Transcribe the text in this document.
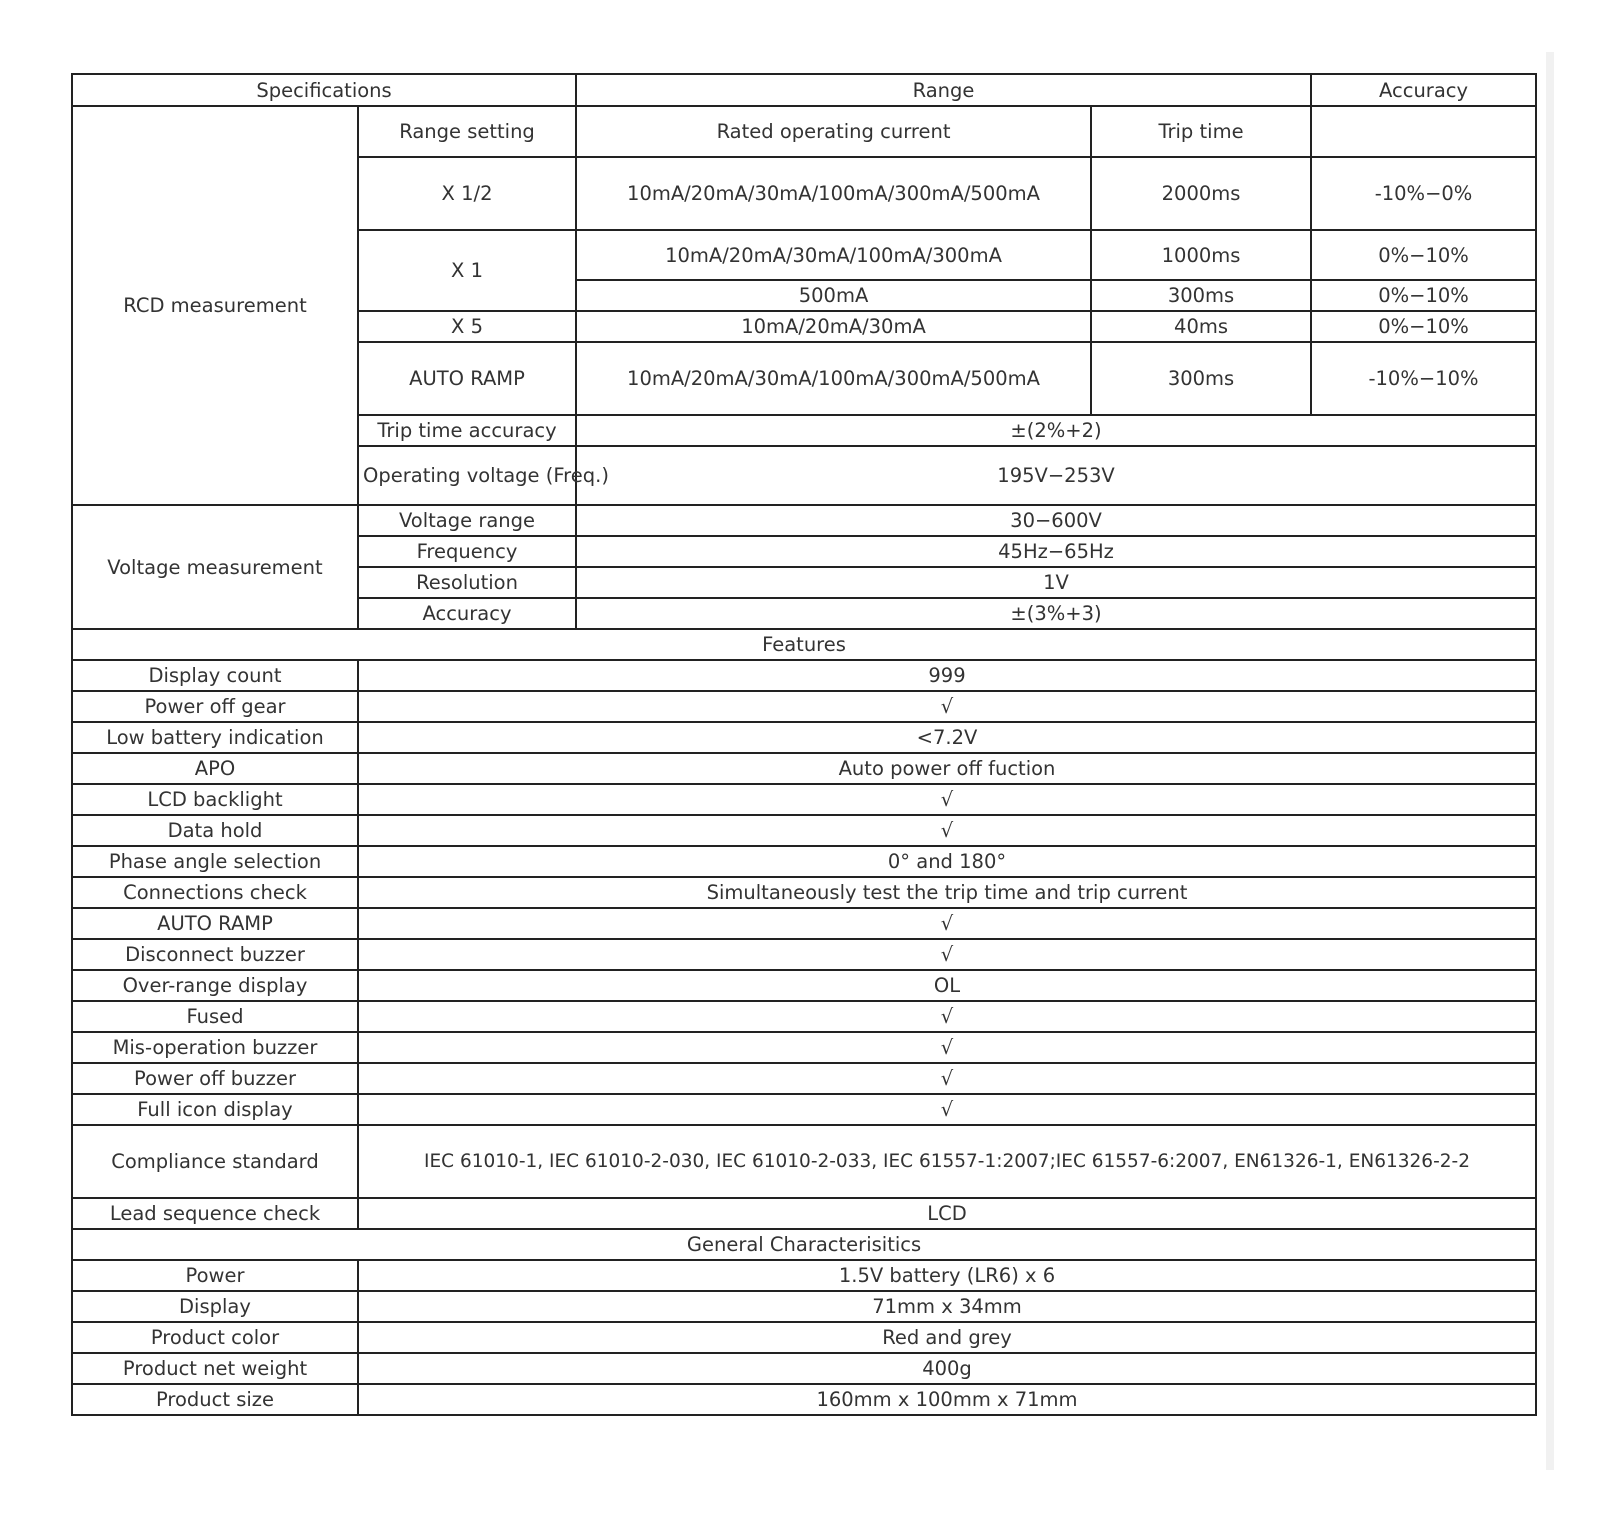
Specifications		Range		Accuracy
RCD measurement	Range setting	Rated operating current	Trip time	
	X 1/2	10mA/20mA/30mA/100mA/300mA/500mA	2000ms	-10%−0%
	X 1	10mA/20mA/30mA/100mA/300mA	1000ms	0%−10%
		500mA	300ms	0%−10%
	X 5	10mA/20mA/30mA	40ms	0%−10%
	AUTO RAMP	10mA/20mA/30mA/100mA/300mA/500mA	300ms	-10%−10%
	Trip time accuracy	±(2%+2)		
	Operating voltage (Freq.)	195V−253V		
Voltage measurement	Voltage range	30−600V		
	Frequency	45Hz−65Hz		
	Resolution	1V		
	Accuracy	±(3%+3)		
Features				
Display count	999			
Power off gear	√			
Low battery indication	<7.2V			
APO	Auto power off fuction			
LCD backlight	√			
Data hold	√			
Phase angle selection	0° and 180°			
Connections check	Simultaneously test the trip time and trip current			
AUTO RAMP	√			
Disconnect buzzer	√			
Over-range display	OL			
Fused	√			
Mis-operation buzzer	√			
Power off buzzer	√			
Full icon display	√			
Compliance standard	IEC 61010-1, IEC 61010-2-030, IEC 61010-2-033, IEC 61557-1:2007;IEC 61557-6:2007, EN61326-1, EN61326-2-2			
Lead sequence check	LCD			
General Characterisitics				
Power	1.5V battery (LR6) x 6			
Display	71mm x 34mm			
Product color	Red and grey			
Product net weight	400g			
Product size	160mm x 100mm x 71mm			
